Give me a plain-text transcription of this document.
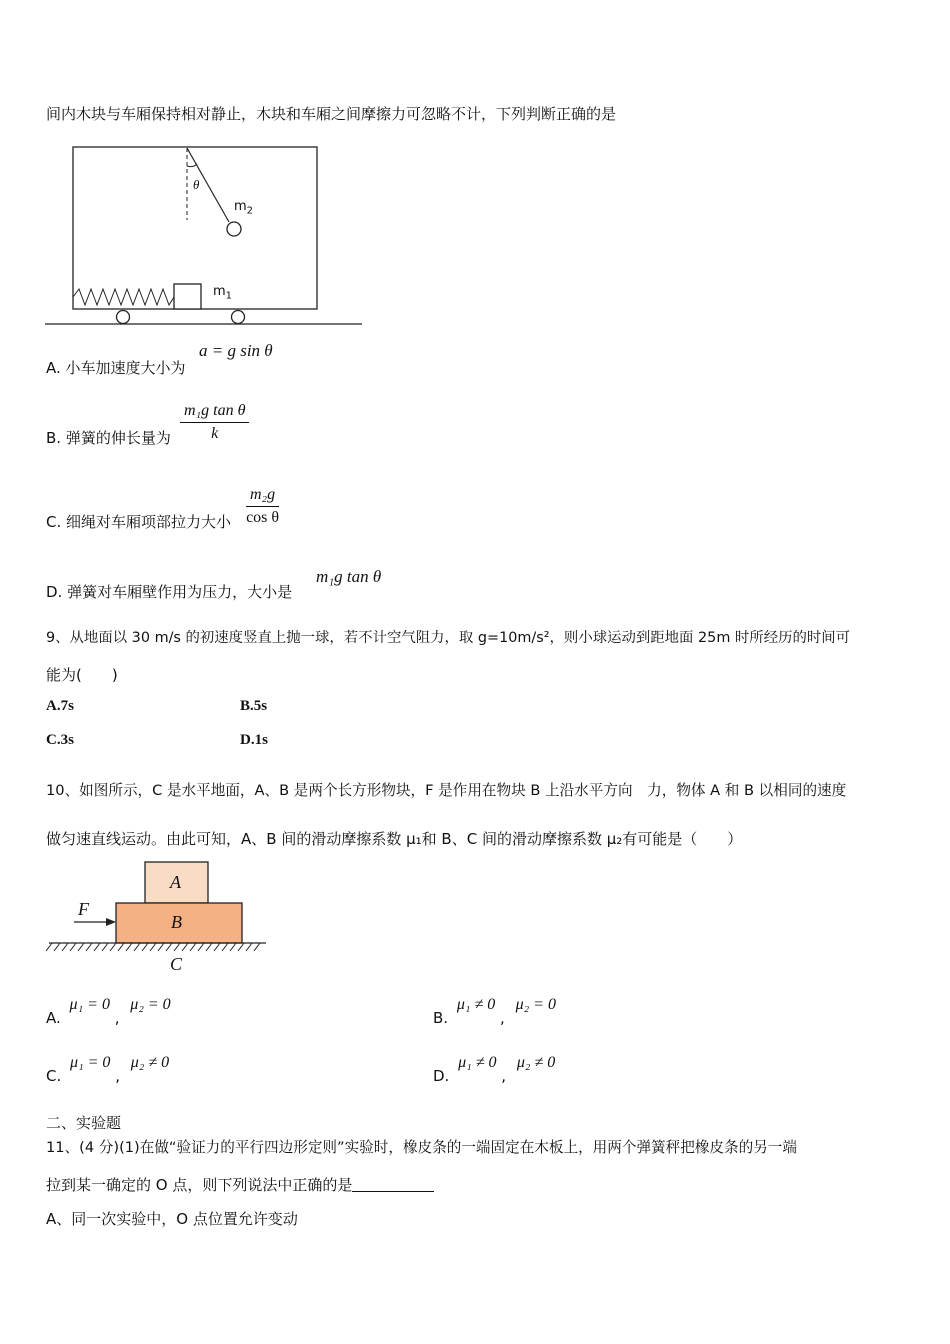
间内木块与车厢保持相对静止，木块和车厢之间摩擦力可忽略不计，下列判断正确的是
θ
$m_2$
$m_1$
A. 小车加速度大小为
a = g sin θ
B. 弹簧的伸长量为 $\frac{\text{m₁g tan θ}}{k}$
C. 细绳对车厢项部拉力大小 $\frac{\text{m₂g}}{\text{cos θ}}$
D. 弹簧对车厢壁作用为压力，大小是
m₁g tan θ
9、从地面以 30 m/s 的初速度竖直上抛一球，若不计空气阻力，取 g=10m/s²，则小球运动到距地面 25m 时所经历的时间可
能为(　　)
A.7s	B.5s
C.3s	D.1s
10、如图所示，C 是水平地面，A、B 是两个长方形物块，F 是作用在物块 B 上沿水平方向　力，物体 A 和 B 以相同的速度
做匀速直线运动。由此可知，A、B 间的滑动摩擦系数 μ₁和 B、C 间的滑动摩擦系数 μ₂有可能是（　　）
F
A
B
C
A. μ₁ = 0 , μ₂ = 0
B. μ₁ ≠ 0 , μ₂ = 0
C. μ₁ = 0 , μ₂ ≠ 0
D. μ₁ ≠ 0 , μ₂ ≠ 0
二、实验题
11、(4 分)(1)在做“验证力的平行四边形定则”实验时，橡皮条的一端固定在木板上，用两个弹簧秤把橡皮条的另一端
拉到某一确定的 O 点，则下列说法中正确的是
A、同一次实验中，O 点位置允许变动
